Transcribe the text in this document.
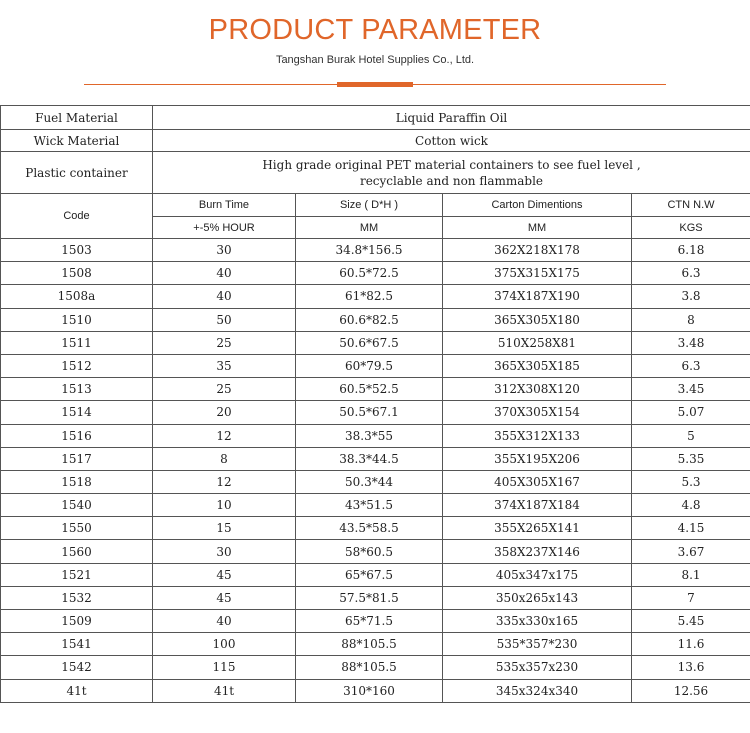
PRODUCT PARAMETER
Tangshan Burak Hotel Supplies Co., Ltd.
Fuel Material	Liquid Paraffin Oil			
Wick Material	Cotton wick			
Plastic container	High grade original PET material containers to see fuel level ,
recyclable and non flammable			

Code	Burn Time	Size ( D*H )	Carton Dimentions	CTN N.W
	+-5% HOUR	MM	MM	KGS
1503	30	34.8*156.5	362X218X178	6.18
1508	40	60.5*72.5	375X315X175	6.3
1508a	40	61*82.5	374X187X190	3.8
1510	50	60.6*82.5	365X305X180	8
1511	25	50.6*67.5	510X258X81	3.48
1512	35	60*79.5	365X305X185	6.3
1513	25	60.5*52.5	312X308X120	3.45
1514	20	50.5*67.1	370X305X154	5.07
1516	12	38.3*55	355X312X133	5
1517	8	38.3*44.5	355X195X206	5.35
1518	12	50.3*44	405X305X167	5.3
1540	10	43*51.5	374X187X184	4.8
1550	15	43.5*58.5	355X265X141	4.15
1560	30	58*60.5	358X237X146	3.67
1521	45	65*67.5	405x347x175	8.1
1532	45	57.5*81.5	350x265x143	7
1509	40	65*71.5	335x330x165	5.45
1541	100	88*105.5	535*357*230	11.6
1542	115	88*105.5	535x357x230	13.6
41t	41t	310*160	345x324x340	12.56
